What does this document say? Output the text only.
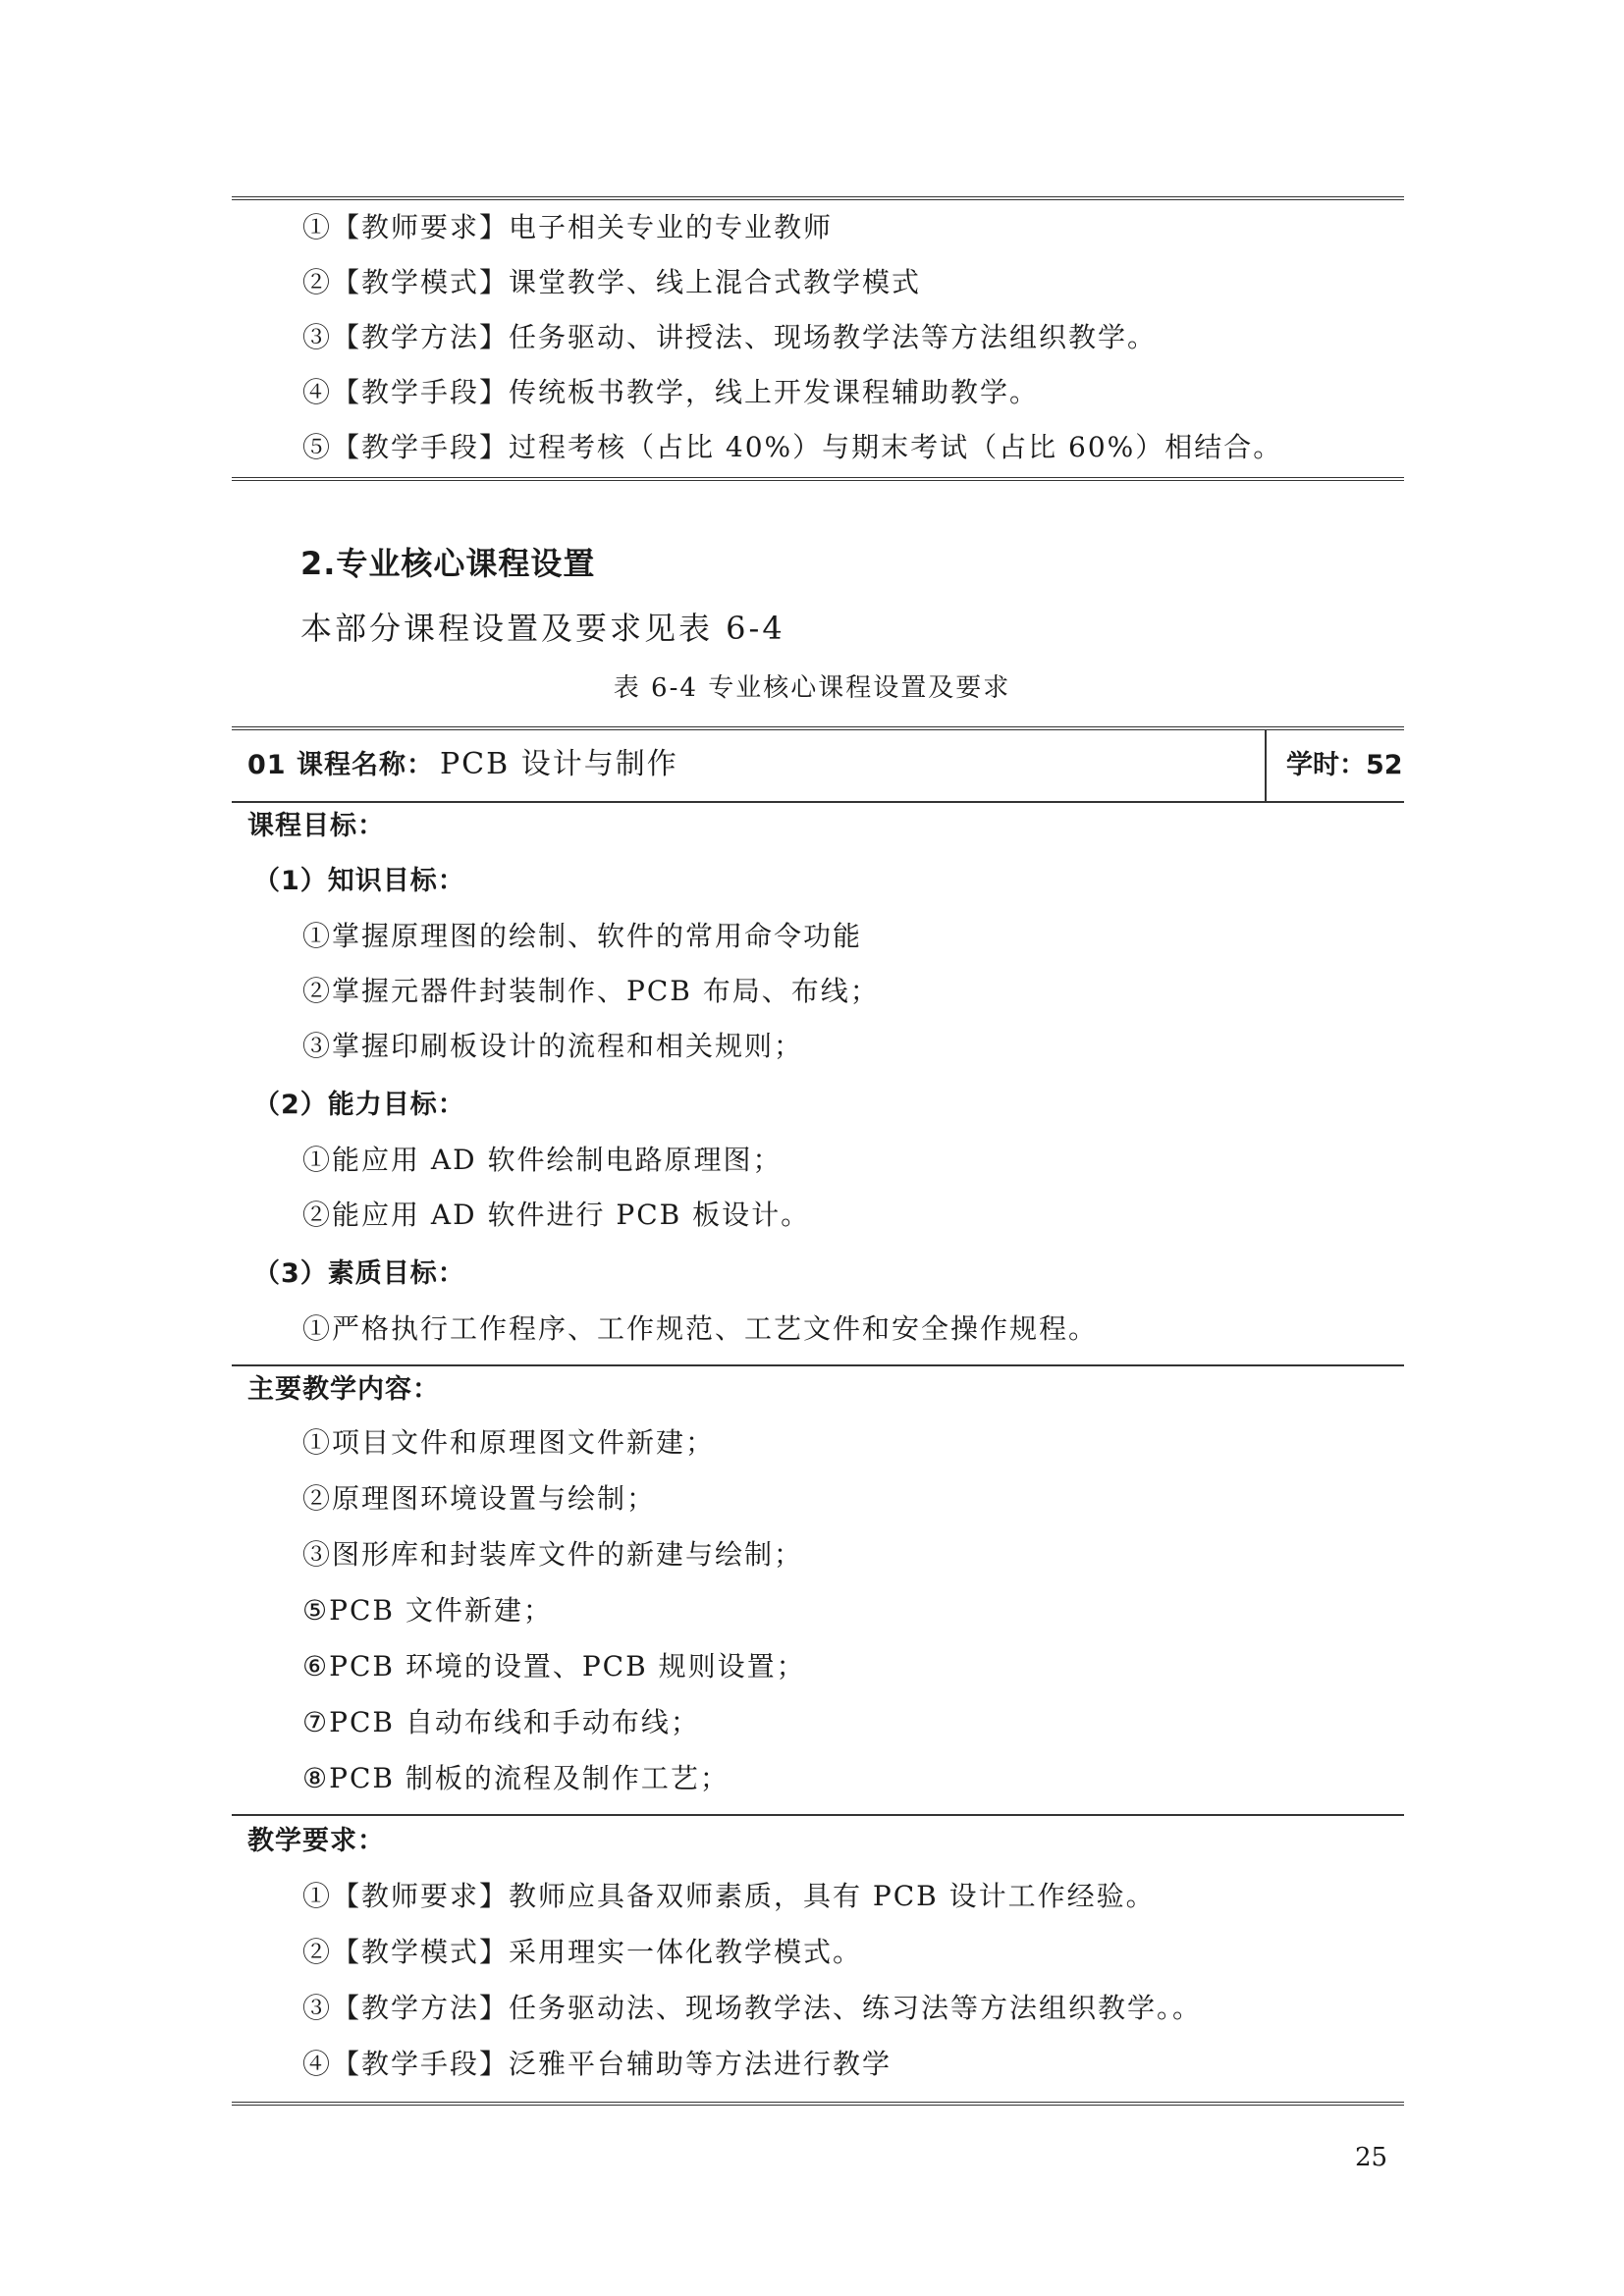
①【教师要求】电子相关专业的专业教师
②【教学模式】课堂教学、线上混合式教学模式
③【教学方法】任务驱动、讲授法、现场教学法等方法组织教学。
④【教学手段】传统板书教学，线上开发课程辅助教学。
⑤【教学手段】过程考核（占比 40%）与期末考试（占比 60%）相结合。
2.专业核心课程设置
本部分课程设置及要求见表 6-4
表 6-4 专业核心课程设置及要求
01 课程名称： PCB 设计与制作	学时：52
课程目标：
（1）知识目标：
①掌握原理图的绘制、软件的常用命令功能
②掌握元器件封装制作、PCB 布局、布线；
③掌握印刷板设计的流程和相关规则；
（2）能力目标：
①能应用 AD 软件绘制电路原理图；
②能应用 AD 软件进行 PCB 板设计。
（3）素质目标：
①严格执行工作程序、工作规范、工艺文件和安全操作规程。
主要教学内容：
①项目文件和原理图文件新建；
②原理图环境设置与绘制；
③图形库和封装库文件的新建与绘制；
⑤PCB 文件新建；
⑥PCB 环境的设置、PCB 规则设置；
⑦PCB 自动布线和手动布线；
⑧PCB 制板的流程及制作工艺；
教学要求：
①【教师要求】教师应具备双师素质，具有 PCB 设计工作经验。
②【教学模式】采用理实一体化教学模式。
③【教学方法】任务驱动法、现场教学法、练习法等方法组织教学。。
④【教学手段】泛雅平台辅助等方法进行教学
25
